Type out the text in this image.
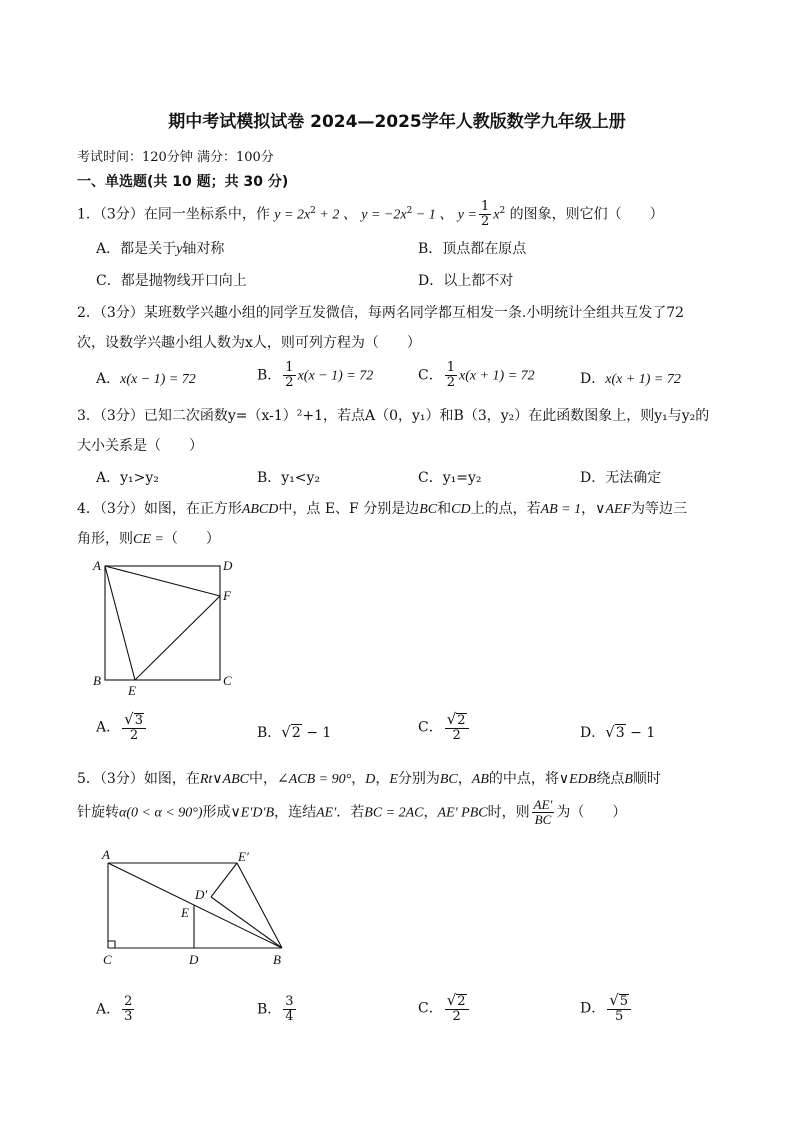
期中考试模拟试卷 2024—2025学年人教版数学九年级上册
考试时间：120分钟 满分：100分
一、单选题(共 10 题；共 30 分)
1．（3分）在同一坐标系中，作 $y = 2x^2 + 2$ 、 $y = -2x^2 - 1$ 、 $y = \frac{1}{2} x^2$ 的图象，则它们（　　）
A．都是关于y轴对称	B．顶点都在原点
C．都是抛物线开口向上	D．以上都不对
2．（3分）某班数学兴趣小组的同学互发微信，每两名同学都互相发一条.小明统计全组共互发了72
次，设数学兴趣小组人数为x人，则可列方程为（　　）
A．x(x − 1) = 72	B． $\frac{1}{2} x(x - 1) = 72$	C． $\frac{1}{2} x(x + 1) = 72$	D．x(x + 1) = 72
3．（3分）已知二次函数y=（x-1）²+1，若点A（0，y₁）和B（3，y₂）在此函数图象上，则y₁与y₂的
大小关系是（　　）
A．y₁>y₂	B．y₁<y₂	C．y₁=y₂	D．无法确定
4．（3分）如图，在正方形ABCD中，点 E、F 分别是边BC和CD上的点，若AB = 1，∨AEF为等边三
角形，则CE =（　　）
A	D
F
B	C
E
A． $\frac{√3}{2}$	B．√2 − 1	C． $\frac{√2}{2}$	D．√3 − 1
5．（3分）如图，在Rt∨ABC中，∠ACB = 90°，D，E分别为BC，AB的中点，将∨EDB绕点B顺时
针旋转α(0 < α < 90°)形成∨E′D′B，连结AE′．若BC = 2AC，AE′ PBC时，则 $\frac{AE'}{BC}$ 为（　　）
A	E′
D′
E
C	D	B
A． $\frac{2}{3}$	B． $\frac{3}{4}$	C． $\frac{√2}{2}$	D． $\frac{√5}{5}$
